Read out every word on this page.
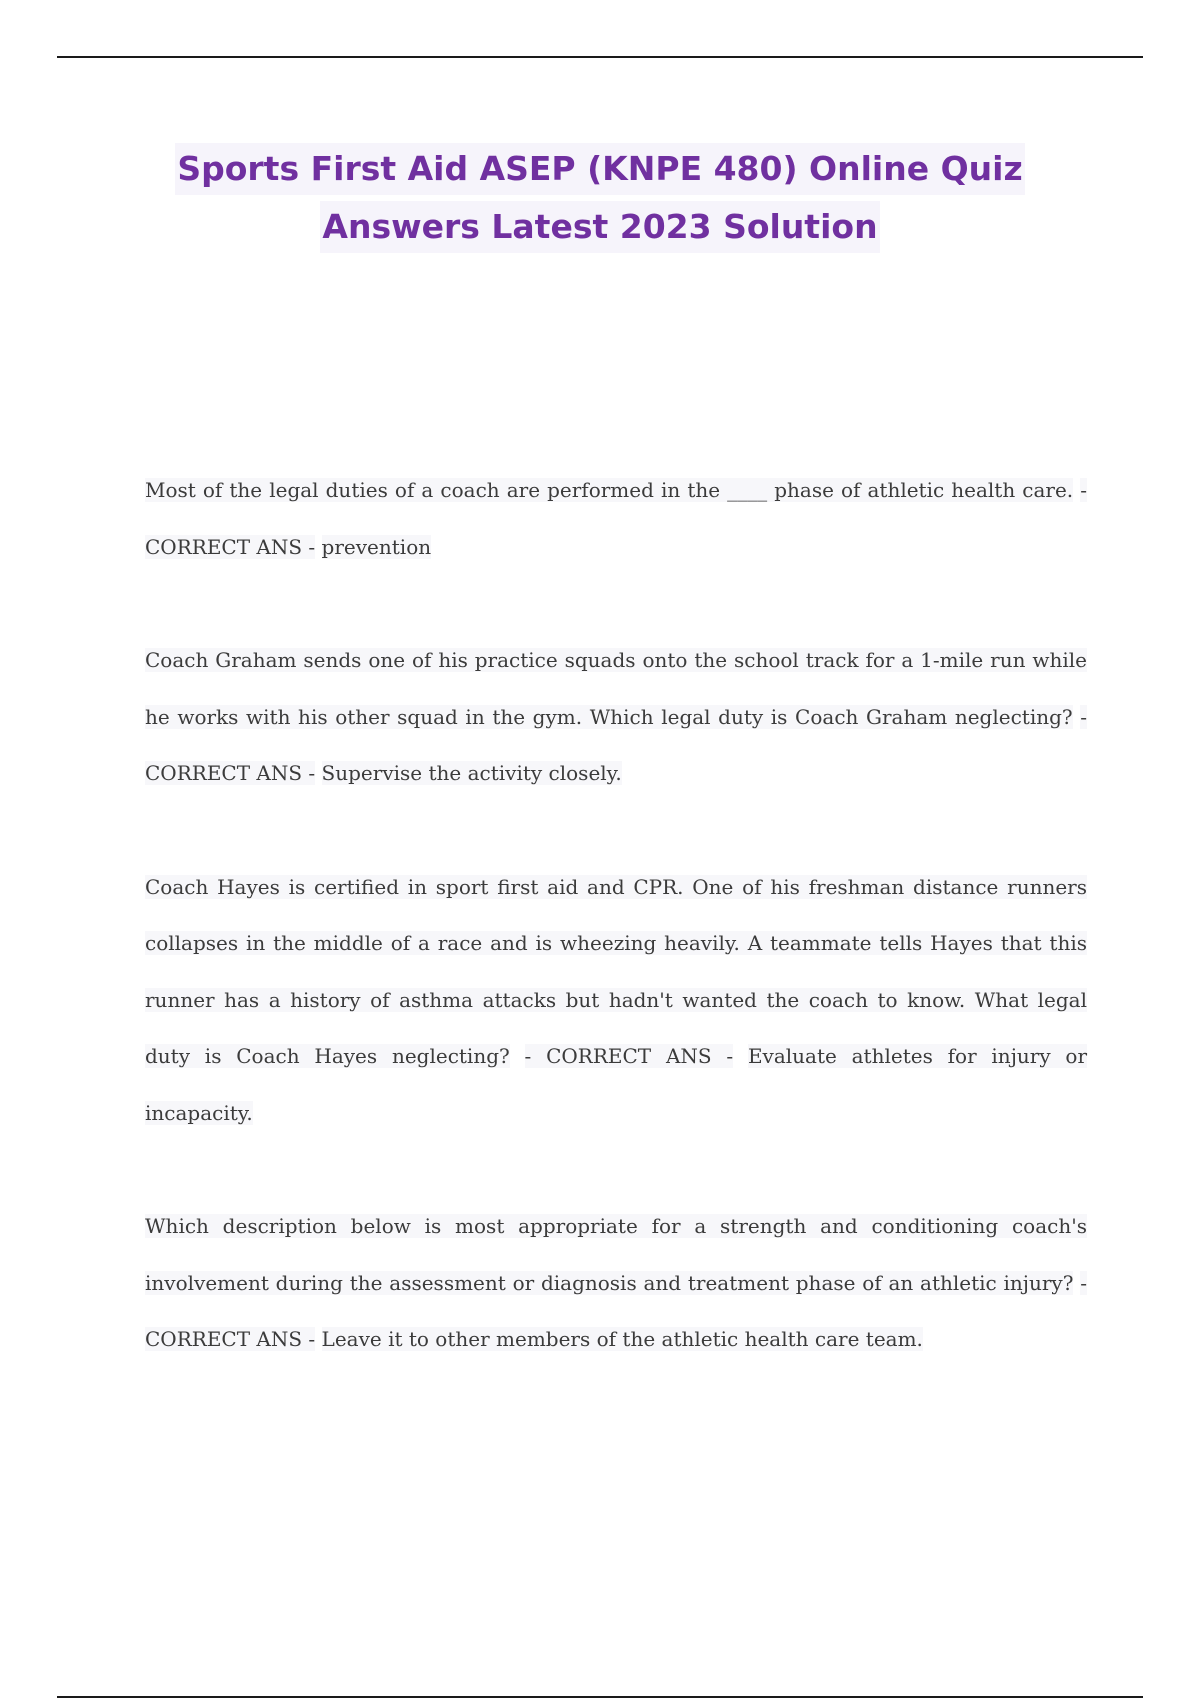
Sports First Aid ASEP (KNPE 480) Online Quiz
Answers Latest 2023 Solution

Most of the legal duties of a coach are performed in the ____ phase of athletic health care. - CORRECT ANS - prevention

Coach Graham sends one of his practice squads onto the school track for a 1-mile run while he works with his other squad in the gym. Which legal duty is Coach Graham neglecting? - CORRECT ANS - Supervise the activity closely.

Coach Hayes is certified in sport first aid and CPR. One of his freshman distance runners collapses in the middle of a race and is wheezing heavily. A teammate tells Hayes that this runner has a history of asthma attacks but hadn't wanted the coach to know. What legal duty is Coach Hayes neglecting? - CORRECT ANS - Evaluate athletes for injury or incapacity.

Which description below is most appropriate for a strength and conditioning coach's involvement during the assessment or diagnosis and treatment phase of an athletic injury? - CORRECT ANS - Leave it to other members of the athletic health care team.
